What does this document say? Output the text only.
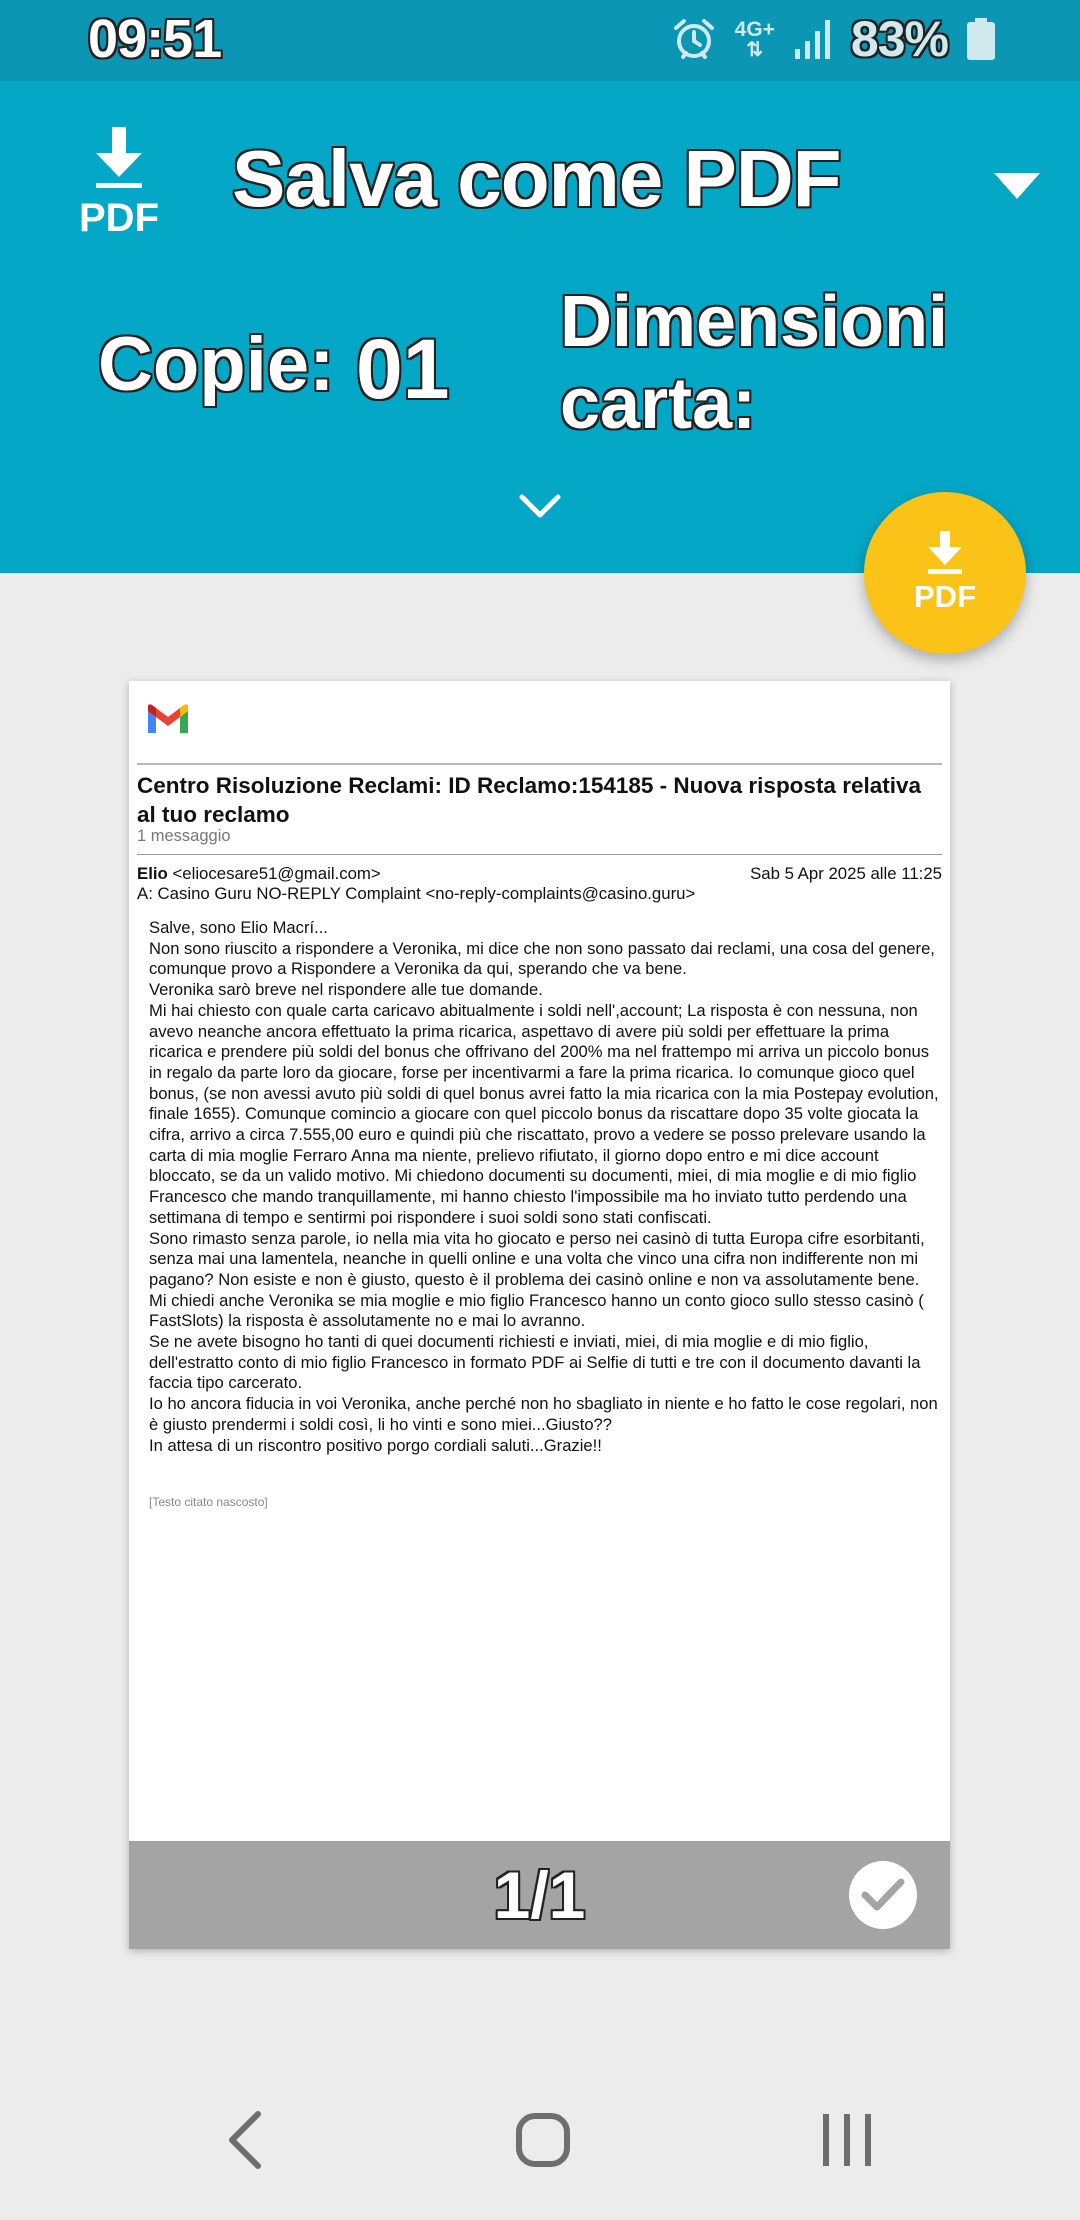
09:51	4G+
⇅ 83%
PDF Salva come PDF
Copie: 01 Dimensioni carta:
PDF
Centro Risoluzione Reclami: ID Reclamo:154185 - Nuova risposta relativa al tuo reclamo
1 messaggio
Elio <eliocesare51@gmail.com>	Sab 5 Apr 2025 alle 11:25
A: Casino Guru NO-REPLY Complaint <no-reply-complaints@casino.guru>

Salve, sono Elio Macrí...

Non sono riuscito a rispondere a Veronika, mi dice che non sono passato dai reclami, una cosa del genere, comunque provo a Rispondere a Veronika da qui, sperando che va bene.

Veronika sarò breve nel rispondere alle tue domande.

Mi hai chiesto con quale carta caricavo abitualmente i soldi nell',account; La risposta è con nessuna, non avevo neanche ancora effettuato la prima ricarica, aspettavo di avere più soldi per effettuare la prima ricarica e prendere più soldi del bonus che offrivano del 200% ma nel frattempo mi arriva un piccolo bonus in regalo da parte loro da giocare, forse per incentivarmi a fare la prima ricarica. Io comunque gioco quel bonus, (se non avessi avuto più soldi di quel bonus avrei fatto la mia ricarica con la mia Postepay evolution, finale 1655). Comunque comincio a giocare con quel piccolo bonus da riscattare dopo 35 volte giocata la cifra, arrivo a circa 7.555,00 euro e quindi più che riscattato, provo a vedere se posso prelevare usando la carta di mia moglie Ferraro Anna ma niente, prelievo rifiutato, il giorno dopo entro e mi dice account bloccato, se da un valido motivo. Mi chiedono documenti su documenti, miei, di mia moglie e di mio figlio Francesco che mando tranquillamente, mi hanno chiesto l'impossibile ma ho inviato tutto perdendo una settimana di tempo e sentirmi poi rispondere i suoi soldi sono stati confiscati.

Sono rimasto senza parole, io nella mia vita ho giocato e perso nei casinò di tutta Europa cifre esorbitanti, senza mai una lamentela, neanche in quelli online e una volta che vinco una cifra non indifferente non mi pagano? Non esiste e non è giusto, questo è il problema dei casinò online e non va assolutamente bene.

Mi chiedi anche Veronika se mia moglie e mio figlio Francesco hanno un conto gioco sullo stesso casinò ( FastSlots) la risposta è assolutamente no e mai lo avranno.

Se ne avete bisogno ho tanti di quei documenti richiesti e inviati, miei, di mia moglie e di mio figlio, dell'estratto conto di mio figlio Francesco in formato PDF ai Selfie di tutti e tre con il documento davanti la faccia tipo carcerato.

Io ho ancora fiducia in voi Veronika, anche perché non ho sbagliato in niente e ho fatto le cose regolari, non è giusto prendermi i soldi così, li ho vinti e sono miei...Giusto??

In attesa di un riscontro positivo porgo cordiali saluti...Grazie!!

[Testo citato nascosto]
1/1
